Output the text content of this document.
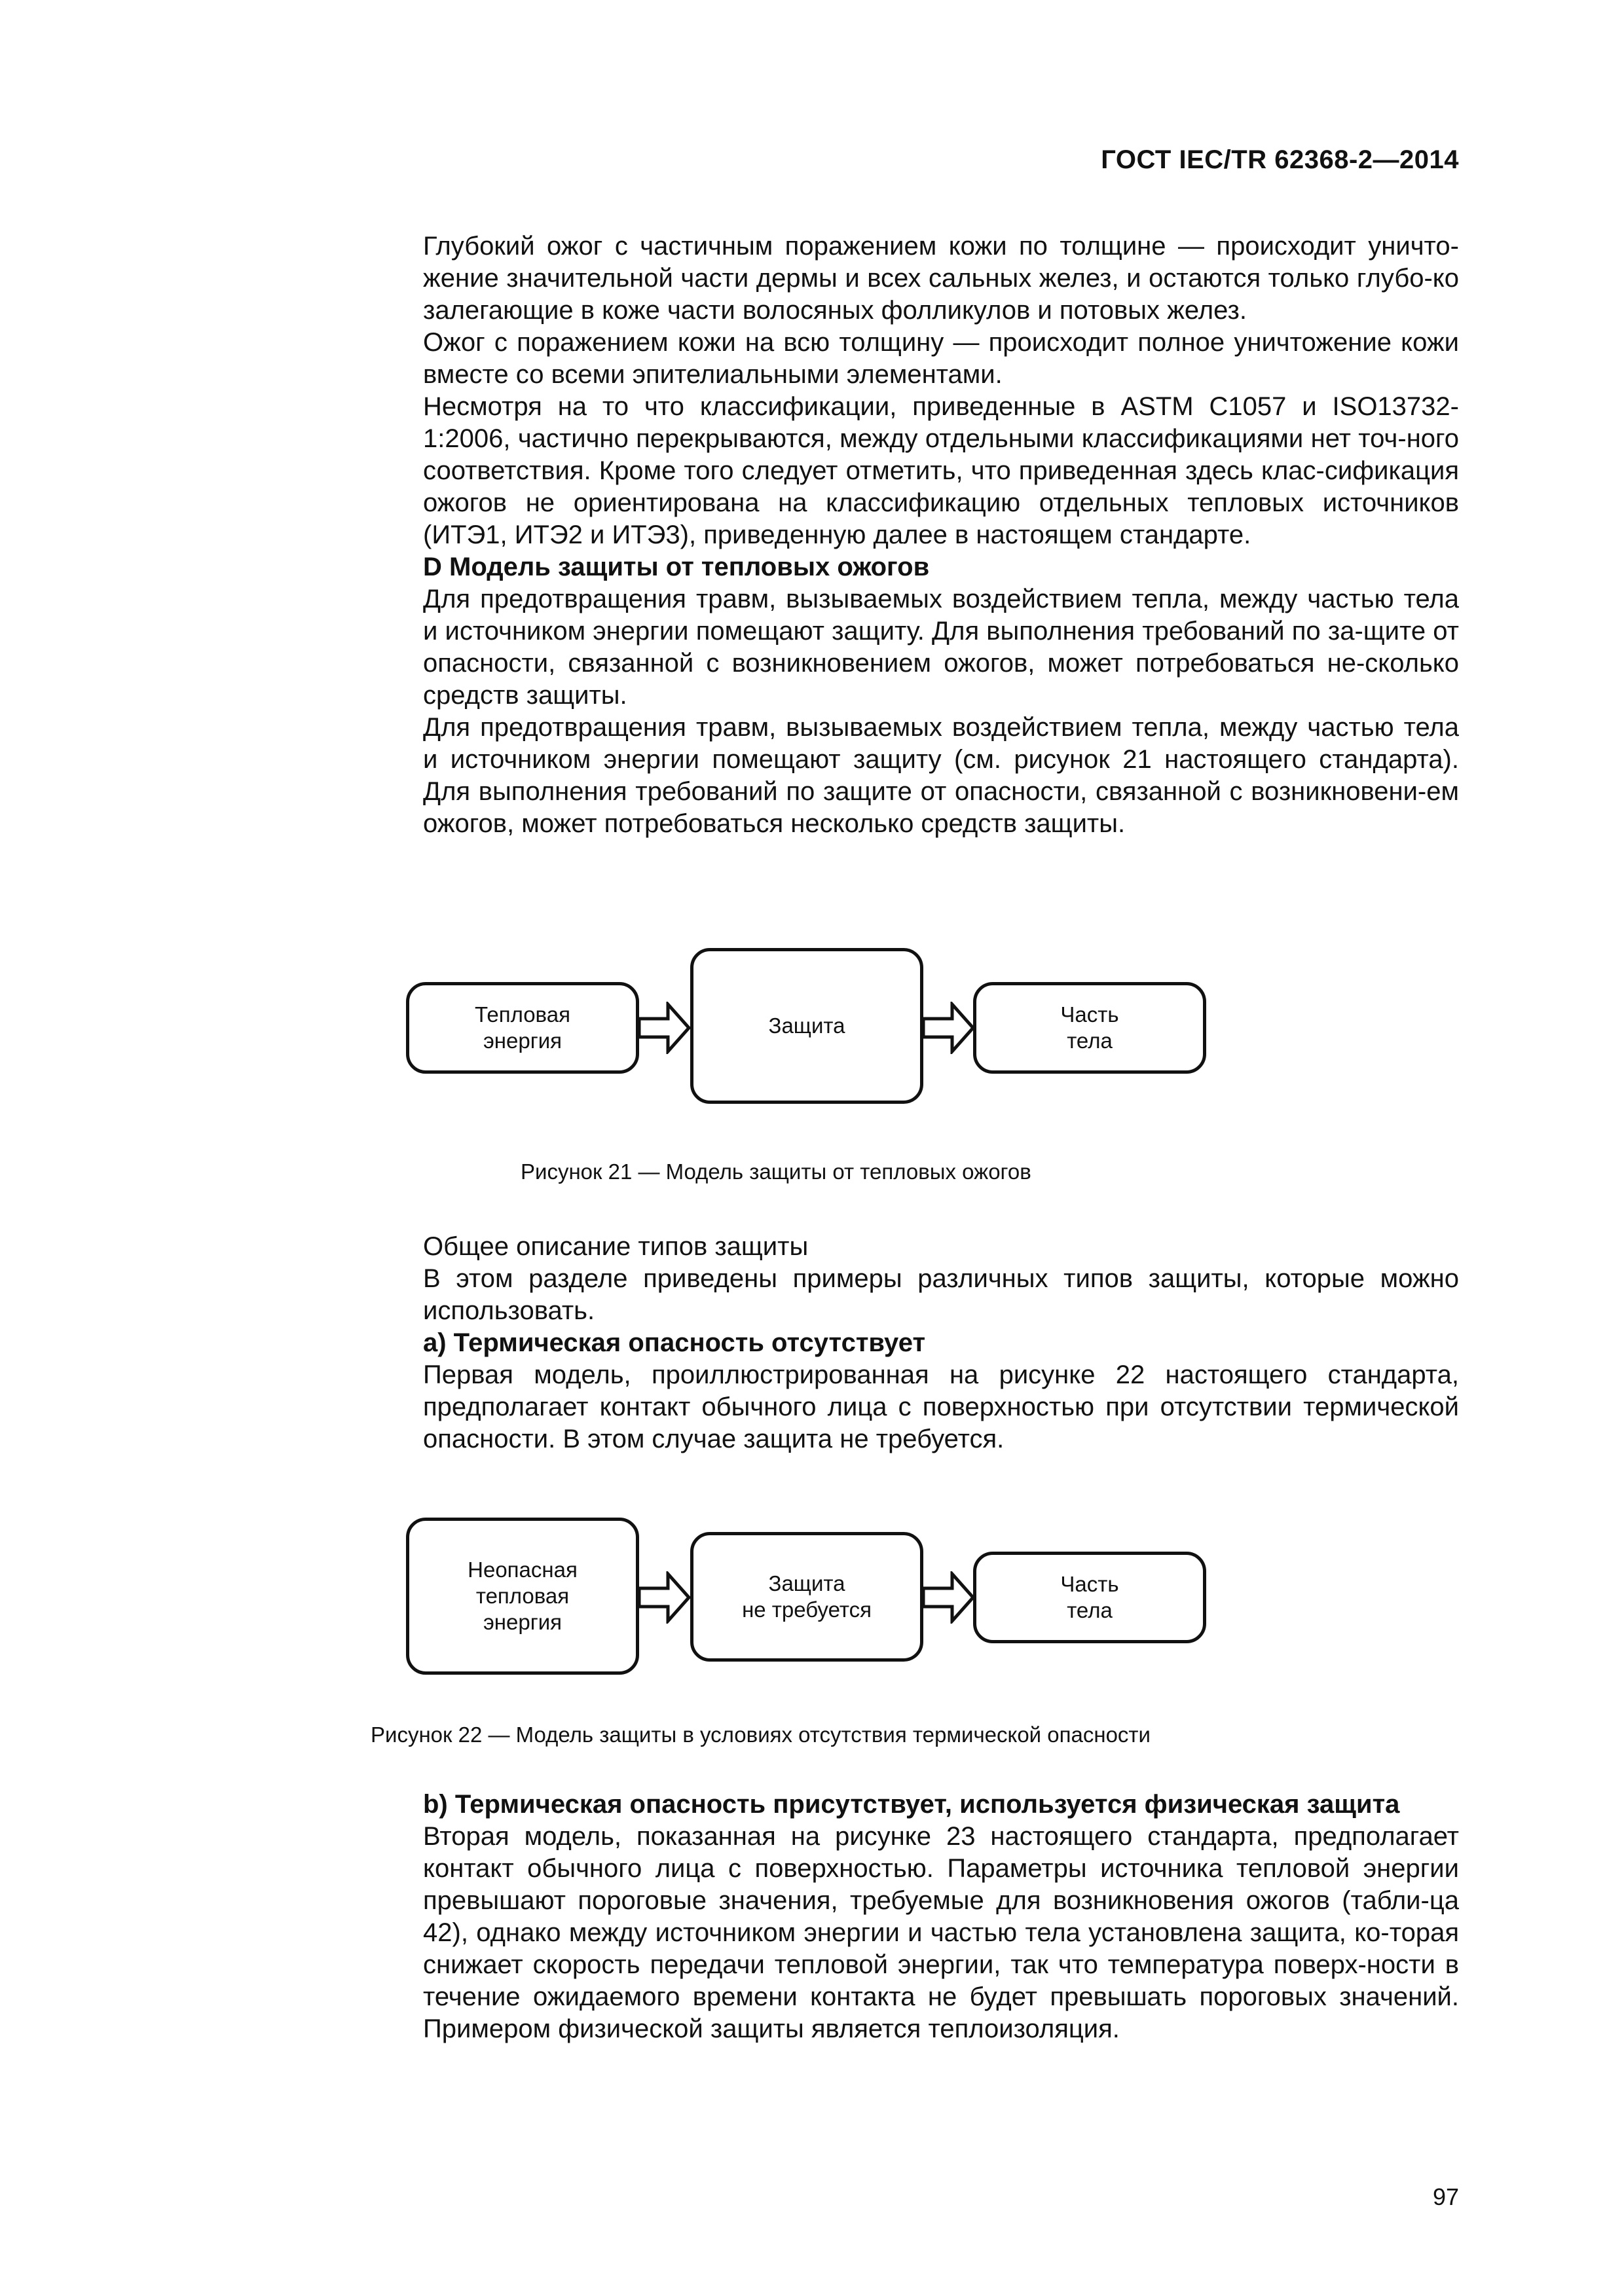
ГОСТ IEC/TR 62368-2—2014

Глубокий ожог с частичным поражением кожи по толщине — происходит уничто-жение значительной части дермы и всех сальных желез, и остаются только глубо-ко залегающие в коже части волосяных фолликулов и потовых желез.

Ожог с поражением кожи на всю толщину — происходит полное уничтожение кожи вместе со всеми эпителиальными элементами.

Несмотря на то что классификации, приведенные в ASTM C1057 и ISO13732-1:2006, частично перекрываются, между отдельными классификациями нет точ-ного соответствия. Кроме того следует отметить, что приведенная здесь клас-сификация ожогов не ориентирована на классификацию отдельных тепловых источников (ИТЭ1, ИТЭ2 и ИТЭ3), приведенную далее в настоящем стандарте.

D Модель защиты от тепловых ожогов

Для предотвращения травм, вызываемых воздействием тепла, между частью тела и источником энергии помещают защиту. Для выполнения требований по за-щите от опасности, связанной с возникновением ожогов, может потребоваться не-сколько средств защиты.

Для предотвращения травм, вызываемых воздействием тепла, между частью тела и источником энергии помещают защиту (см. рисунок 21 настоящего стандарта). Для выполнения требований по защите от опасности, связанной с возникновени-ем ожогов, может потребоваться несколько средств защиты.

Тепловая
энергия
Защита	Часть
тела
Рисунок 21 — Модель защиты от тепловых ожогов

Общее описание типов защиты

В этом разделе приведены примеры различных типов защиты, которые можно использовать.

а) Термическая опасность отсутствует

Первая модель, проиллюстрированная на рисунке 22 настоящего стандарта, предполагает контакт обычного лица с поверхностью при отсутствии термической опасности. В этом случае защита не требуется.

Неопасная
тепловая
энергия
Защита
не требуется
Часть
тела
Рисунок 22 — Модель защиты в условиях отсутствия термической опасности

b) Термическая опасность присутствует, используется физическая защита

Вторая модель, показанная на рисунке 23 настоящего стандарта, предполагает контакт обычного лица с поверхностью. Параметры источника тепловой энергии превышают пороговые значения, требуемые для возникновения ожогов (табли-ца 42), однако между источником энергии и частью тела установлена защита, ко-торая снижает скорость передачи тепловой энергии, так что температура поверх-ности в течение ожидаемого времени контакта не будет превышать пороговых значений. Примером физической защиты является теплоизоляция.

97
